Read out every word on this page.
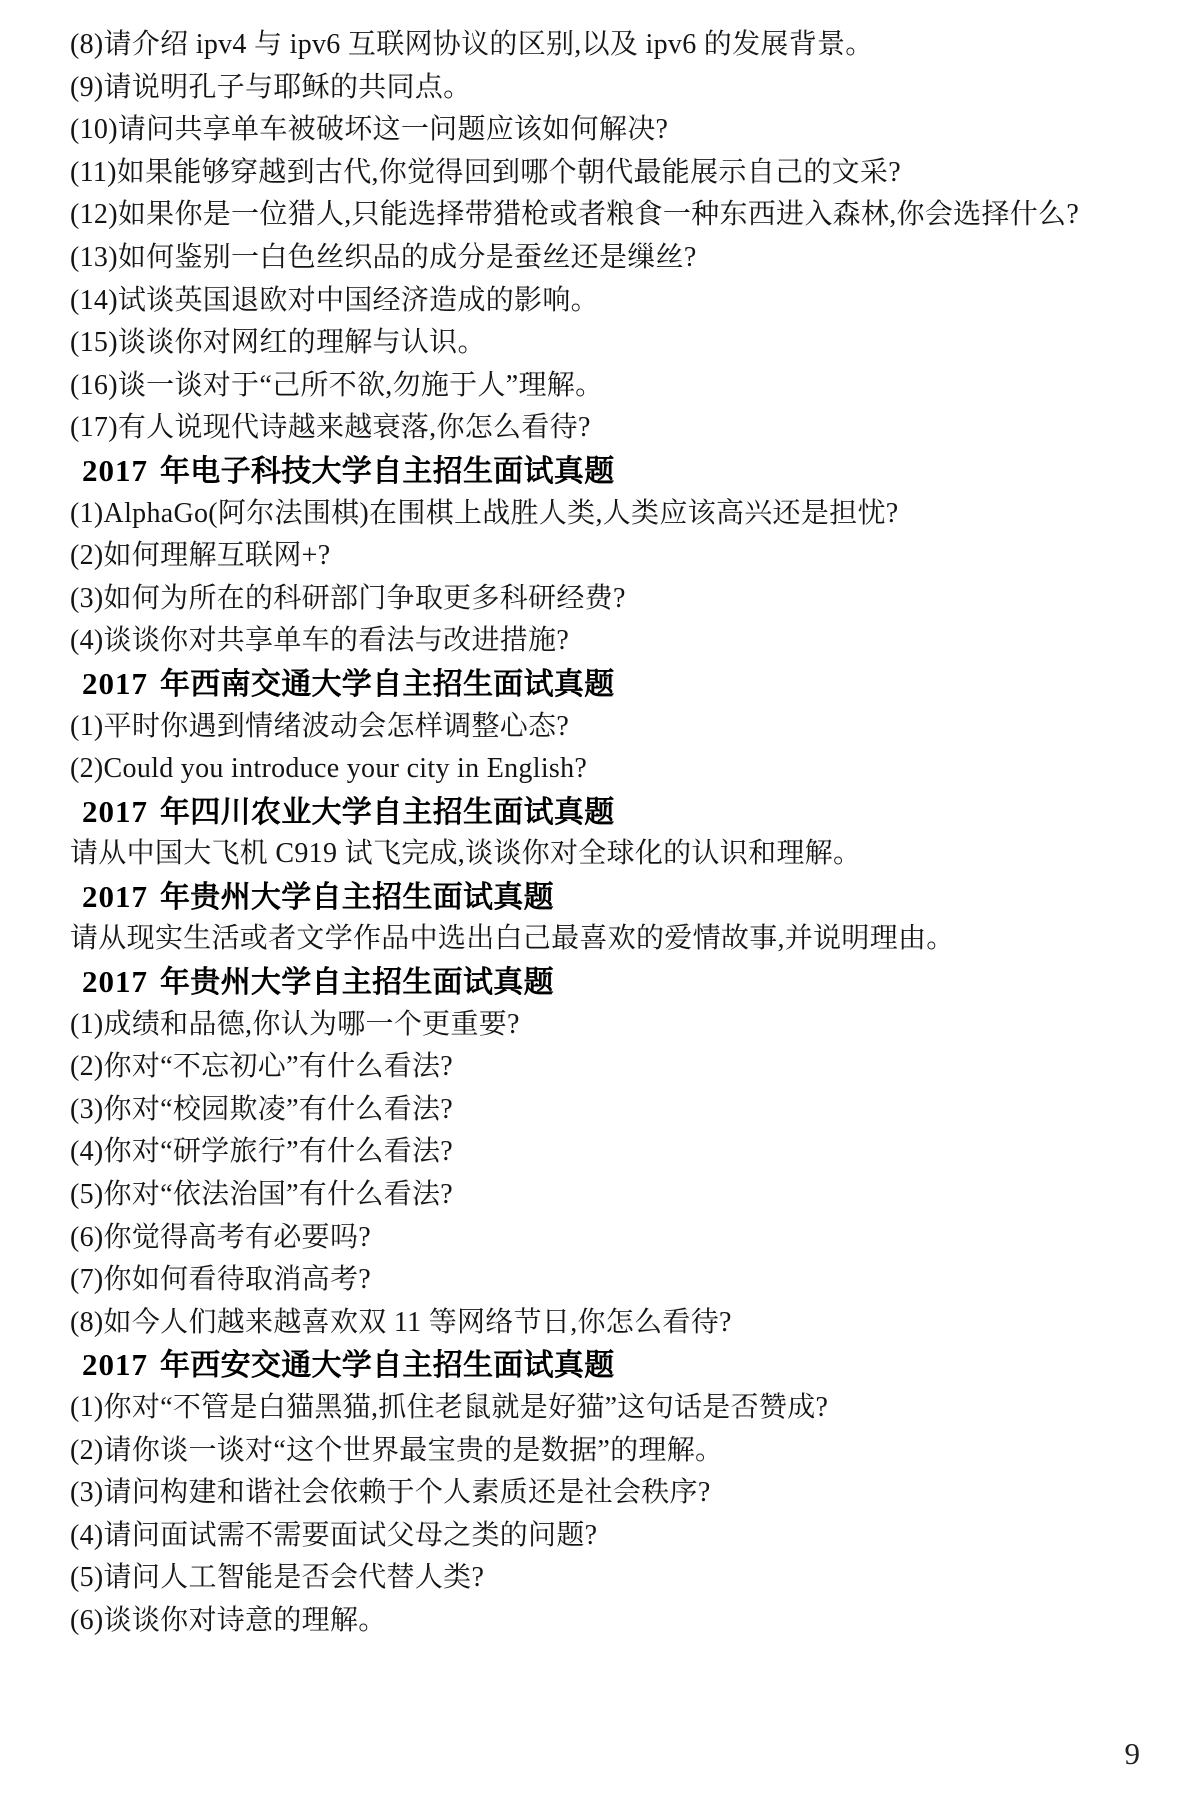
(8)请介绍 ipv4 与 ipv6 互联网协议的区别,以及 ipv6 的发展背景。
(9)请说明孔子与耶稣的共同点。
(10)请问共享单车被破坏这一问题应该如何解决?
(11)如果能够穿越到古代,你觉得回到哪个朝代最能展示自己的文采?
(12)如果你是一位猎人,只能选择带猎枪或者粮食一种东西进入森林,你会选择什么?
(13)如何鉴别一白色丝织品的成分是蚕丝还是缫丝?
(14)试谈英国退欧对中国经济造成的影响。
(15)谈谈你对网红的理解与认识。
(16)谈一谈对于“己所不欲,勿施于人”理解。
(17)有人说现代诗越来越衰落,你怎么看待?
2017 年电子科技大学自主招生面试真题
(1)AlphaGo(阿尔法围棋)在围棋上战胜人类,人类应该高兴还是担忧?
(2)如何理解互联网+?
(3)如何为所在的科研部门争取更多科研经费?
(4)谈谈你对共享单车的看法与改进措施?
2017 年西南交通大学自主招生面试真题
(1)平时你遇到情绪波动会怎样调整心态?
(2)Could you introduce your city in English?
2017 年四川农业大学自主招生面试真题
请从中国大飞机 C919 试飞完成,谈谈你对全球化的认识和理解。
2017 年贵州大学自主招生面试真题
请从现实生活或者文学作品中选出白己最喜欢的爱情故事,并说明理由。
2017 年贵州大学自主招生面试真题
(1)成绩和品德,你认为哪一个更重要?
(2)你对“不忘初心”有什么看法?
(3)你对“校园欺凌”有什么看法?
(4)你对“研学旅行”有什么看法?
(5)你对“依法治国”有什么看法?
(6)你觉得高考有必要吗?
(7)你如何看待取消高考?
(8)如今人们越来越喜欢双 11 等网络节日,你怎么看待?
2017 年西安交通大学自主招生面试真题
(1)你对“不管是白猫黑猫,抓住老鼠就是好猫”这句话是否赞成?
(2)请你谈一谈对“这个世界最宝贵的是数据”的理解。
(3)请问构建和谐社会依赖于个人素质还是社会秩序?
(4)请问面试需不需要面试父母之类的问题?
(5)请问人工智能是否会代替人类?
(6)谈谈你对诗意的理解。
9
